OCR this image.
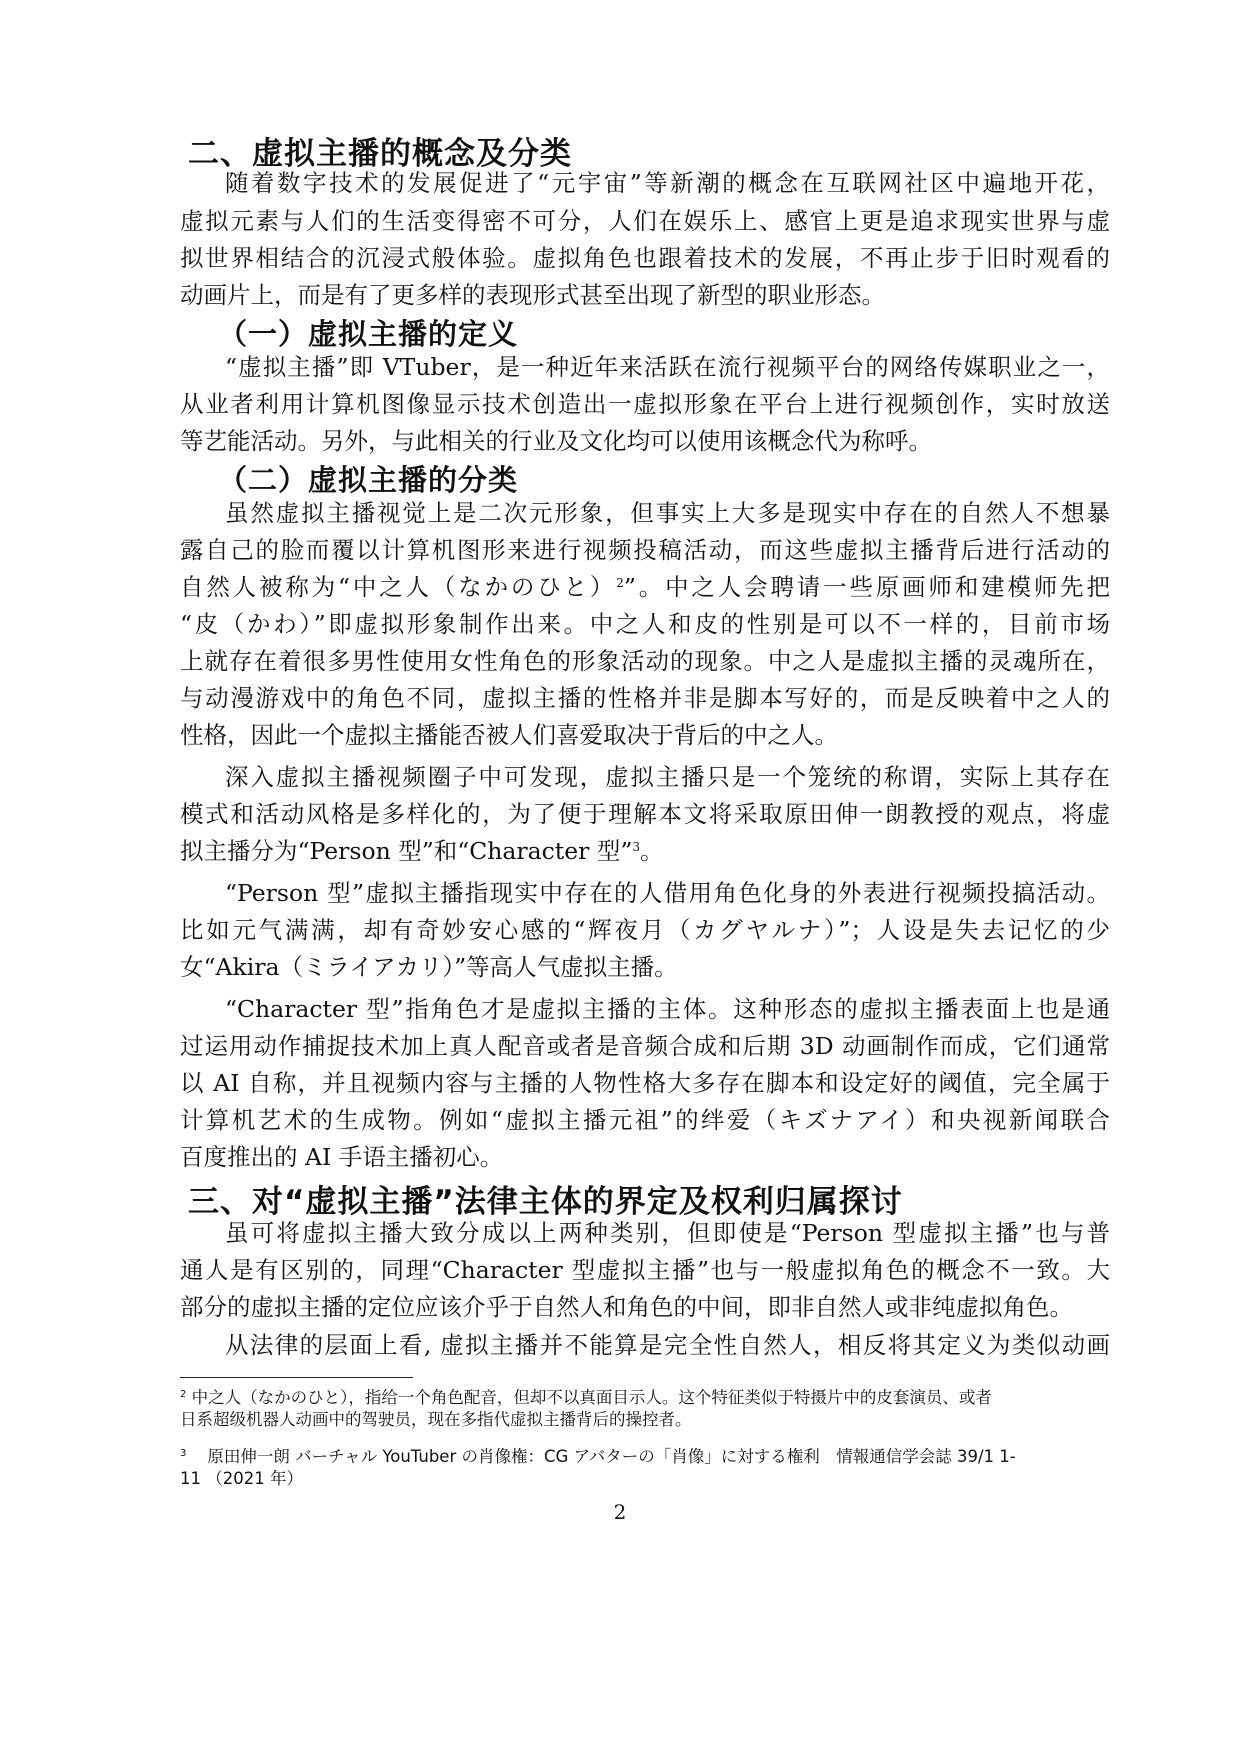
二、虚拟主播的概念及分类
随着数字技术的发展促进了“元宇宙”等新潮的概念在互联网社区中遍地开花，
虚拟元素与人们的生活变得密不可分，人们在娱乐上、感官上更是追求现实世界与虚
拟世界相结合的沉浸式般体验。虚拟角色也跟着技术的发展，不再止步于旧时观看的
动画片上，而是有了更多样的表现形式甚至出现了新型的职业形态。
（一）虚拟主播的定义
“虚拟主播”即 VTuber，是一种近年来活跃在流行视频平台的网络传媒职业之一，
从业者利用计算机图像显示技术创造出一虚拟形象在平台上进行视频创作，实时放送
等艺能活动。另外，与此相关的行业及文化均可以使用该概念代为称呼。
（二）虚拟主播的分类
虽然虚拟主播视觉上是二次元形象，但事实上大多是现实中存在的自然人不想暴
露自己的脸而覆以计算机图形来进行视频投稿活动，而这些虚拟主播背后进行活动的
自然人被称为“中之人（なかのひと）$^2$”。中之人会聘请一些原画师和建模师先把
“皮（かわ）”即虚拟形象制作出来。中之人和皮的性别是可以不一样的，目前市场
上就存在着很多男性使用女性角色的形象活动的现象。中之人是虚拟主播的灵魂所在，
与动漫游戏中的角色不同，虚拟主播的性格并非是脚本写好的，而是反映着中之人的
性格，因此一个虚拟主播能否被人们喜爱取决于背后的中之人。
深入虚拟主播视频圈子中可发现，虚拟主播只是一个笼统的称谓，实际上其存在
模式和活动风格是多样化的，为了便于理解本文将采取原田伸一朗教授的观点，将虚
拟主播分为“Person 型”和“Character 型”$^3$。
“Person 型”虚拟主播指现实中存在的人借用角色化身的外表进行视频投搞活动。
比如元气满满，却有奇妙安心感的“辉夜月（カグヤルナ）”；人设是失去记忆的少
女“Akira（ミライアカリ）”等高人气虚拟主播。
“Character 型”指角色才是虚拟主播的主体。这种形态的虚拟主播表面上也是通
过运用动作捕捉技术加上真人配音或者是音频合成和后期 3D 动画制作而成，它们通常
以 AI 自称，并且视频内容与主播的人物性格大多存在脚本和设定好的阈值，完全属于
计算机艺术的生成物。例如“虚拟主播元祖”的绊爱（キズナアイ）和央视新闻联合
百度推出的 AI 手语主播初心。
三、对“虚拟主播”法律主体的界定及权利归属探讨
虽可将虚拟主播大致分成以上两种类别，但即使是“Person 型虚拟主播”也与普
通人是有区别的，同理“Character 型虚拟主播”也与一般虚拟角色的概念不一致。大
部分的虚拟主播的定位应该介乎于自然人和角色的中间，即非自然人或非纯虚拟角色。
从法律的层面上看, 虚拟主播并不能算是完全性自然人，相反将其定义为类似动画
$^2$ 中之人（なかのひと），指给一个角色配音，但却不以真面目示人。这个特征类似于特摄片中的皮套演员、或者
日系超级机器人动画中的驾驶员，现在多指代虚拟主播背后的操控者。
$^3$ 原田伸一朗 バーチャル YouTuber の肖像権：CG アバターの「肖像」に対する権利　情報通信学会誌 39/1 1-
11 （2021 年）
2
